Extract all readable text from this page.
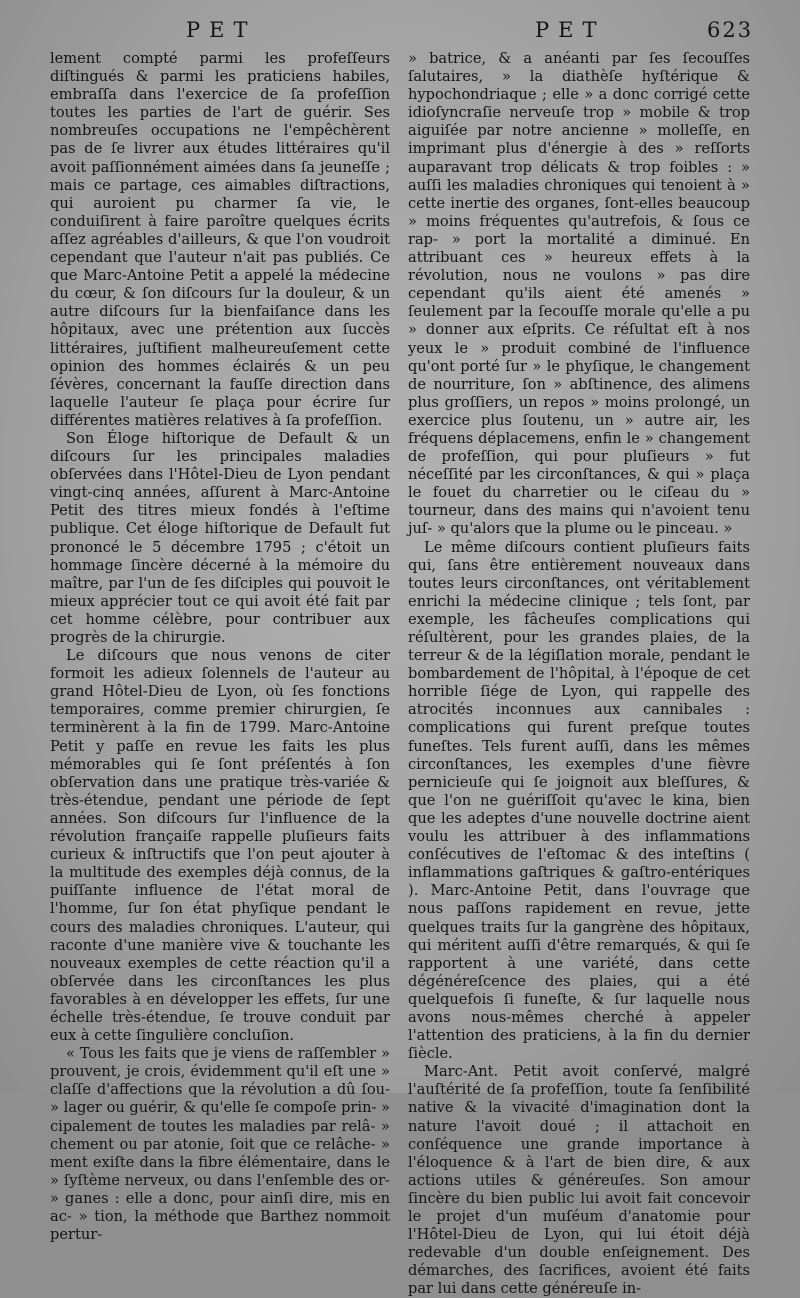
PET	PET	623

lement compté parmi les profeſſeurs diſtingués & parmi les praticiens habiles, embraſſa dans l'exercice de ſa profeſſion toutes les parties de l'art de guérir. Ses nombreuſes occupations ne l'empêchèrent pas de ſe livrer aux études littéraires qu'il avoit paſſionnément aimées dans ſa jeuneſſe ; mais ce partage, ces aimables diſtractions, qui auroient pu charmer ſa vie, le conduiſirent à faire paroître quelques écrits aſſez agréables d'ailleurs, & que l'on voudroit cependant que l'auteur n'ait pas publiés. Ce que Marc-Antoine Petit a appelé la médecine du cœur, & ſon diſcours ſur la douleur, & un autre diſcours ſur la bienfaiſance dans les hôpitaux, avec une prétention aux ſuccès littéraires, juſtifient malheureuſement cette opinion des hommes éclairés & un peu ſévères, concernant la fauſſe direction dans laquelle l'auteur ſe plaça pour écrire ſur différentes matières relatives à ſa profeſſion.

Son Éloge hiſtorique de Default & un diſcours ſur les principales maladies obſervées dans l'Hôtel-Dieu de Lyon pendant vingt-cinq années, aſſurent à Marc-Antoine Petit des titres mieux fondés à l'eſtime publique. Cet éloge hiſtorique de Default fut prononcé le 5 décembre 1795 ; c'étoit un hommage ſincère décerné à la mémoire du maître, par l'un de ſes diſciples qui pouvoit le mieux apprécier tout ce qui avoit été fait par cet homme célèbre, pour contribuer aux progrès de la chirurgie.

Le diſcours que nous venons de citer formoit les adieux ſolennels de l'auteur au grand Hôtel-Dieu de Lyon, où ſes fonctions temporaires, comme premier chirurgien, ſe terminèrent à la fin de 1799. Marc-Antoine Petit y paſſe en revue les faits les plus mémorables qui ſe ſont préſentés à ſon obſervation dans une pratique très-variée & très-étendue, pendant une période de ſept années. Son diſcours ſur l'influence de la révolution françaiſe rappelle pluſieurs faits curieux & inſtructifs que l'on peut ajouter à la multitude des exemples déjà connus, de la puiſſante influence de l'état moral de l'homme, ſur ſon état phyſique pendant le cours des maladies chroniques. L'auteur, qui raconte d'une manière vive & touchante les nouveaux exemples de cette réaction qu'il a obſervée dans les circonſtances les plus favorables à en développer les effets, ſur une échelle très-étendue, ſe trouve conduit par eux à cette ſingulière concluſion.

« Tous les faits que je viens de raſſembler » prouvent, je crois, évidemment qu'il eſt une » claſſe d'affections que la révolution a dû ſou- » lager ou guérir, & qu'elle ſe compoſe prin- » cipalement de toutes les maladies par relâ- » chement ou par atonie, ſoit que ce relâche- » ment exiſte dans la fibre élémentaire, dans le » ſyſtème nerveux, ou dans l'enſemble des or- » ganes : elle a donc, pour ainſi dire, mis en ac- » tion, la méthode que Barthez nommoit pertur-

» batrice, & a anéanti par ſes ſecouſſes ſalutaires, » la diathèſe hyſtérique & hypochondriaque ; elle » a donc corrigé cette idioſyncraſie nerveuſe trop » mobile & trop aiguiſée par notre ancienne » molleſſe, en imprimant plus d'énergie à des » reſſorts auparavant trop délicats & trop foibles : » auſſi les maladies chroniques qui tenoient à » cette inertie des organes, ſont-elles beaucoup » moins fréquentes qu'autrefois, & ſous ce rap- » port la mortalité a diminué. En attribuant ces » heureux effets à la révolution, nous ne voulons » pas dire cependant qu'ils aient été amenés » ſeulement par la ſecouſſe morale qu'elle a pu » donner aux eſprits. Ce réſultat eſt à nos yeux le » produit combiné de l'influence qu'ont porté ſur » le phyſique, le changement de nourriture, ſon » abſtinence, des alimens plus groſſiers, un repos » moins prolongé, un exercice plus ſoutenu, un » autre air, les fréquens déplacemens, enfin le » changement de profeſſion, qui pour pluſieurs » fut néceſſité par les circonſtances, & qui » plaça le fouet du charretier ou le ciſeau du » tourneur, dans des mains qui n'avoient tenu juſ- » qu'alors que la plume ou le pinceau. »

Le même diſcours contient pluſieurs faits qui, ſans être entièrement nouveaux dans toutes leurs circonſtances, ont véritablement enrichi la médecine clinique ; tels ſont, par exemple, les fâcheuſes complications qui réſultèrent, pour les grandes plaies, de la terreur & de la légiſlation morale, pendant le bombardement de l'hôpital, à l'époque de cet horrible ſiége de Lyon, qui rappelle des atrocités inconnues aux cannibales : complications qui furent preſque toutes funeſtes. Tels furent auſſi, dans les mêmes circonſtances, les exemples d'une fièvre pernicieuſe qui ſe joignoit aux bleſſures, & que l'on ne guériſſoit qu'avec le kina, bien que les adeptes d'une nouvelle doctrine aient voulu les attribuer à des inflammations conſécutives de l'eſtomac & des inteſtins ( inflammations gaſtriques & gaſtro-entériques ). Marc-Antoine Petit, dans l'ouvrage que nous paſſons rapidement en revue, jette quelques traits ſur la gangrène des hôpitaux, qui méritent auſſi d'être remarqués, & qui ſe rapportent à une variété, dans cette dégénéreſcence des plaies, qui a été quelquefois ſi funeſte, & ſur laquelle nous avons nous-mêmes cherché à appeler l'attention des praticiens, à la fin du dernier ſiècle.

Marc-Ant. Petit avoit conſervé, malgré l'auſtérité de ſa profeſſion, toute ſa ſenſibilité native & la vivacité d'imagination dont la nature l'avoit doué ; il attachoit en conſéquence une grande importance à l'éloquence & à l'art de bien dire, & aux actions utiles & généreuſes. Son amour ſincère du bien public lui avoit fait concevoir le projet d'un muſéum d'anatomie pour l'Hôtel-Dieu de Lyon, qui lui étoit déjà redevable d'un double enſeignement. Des démarches, des ſacrifices, avoient été faits par lui dans cette généreuſe in-
